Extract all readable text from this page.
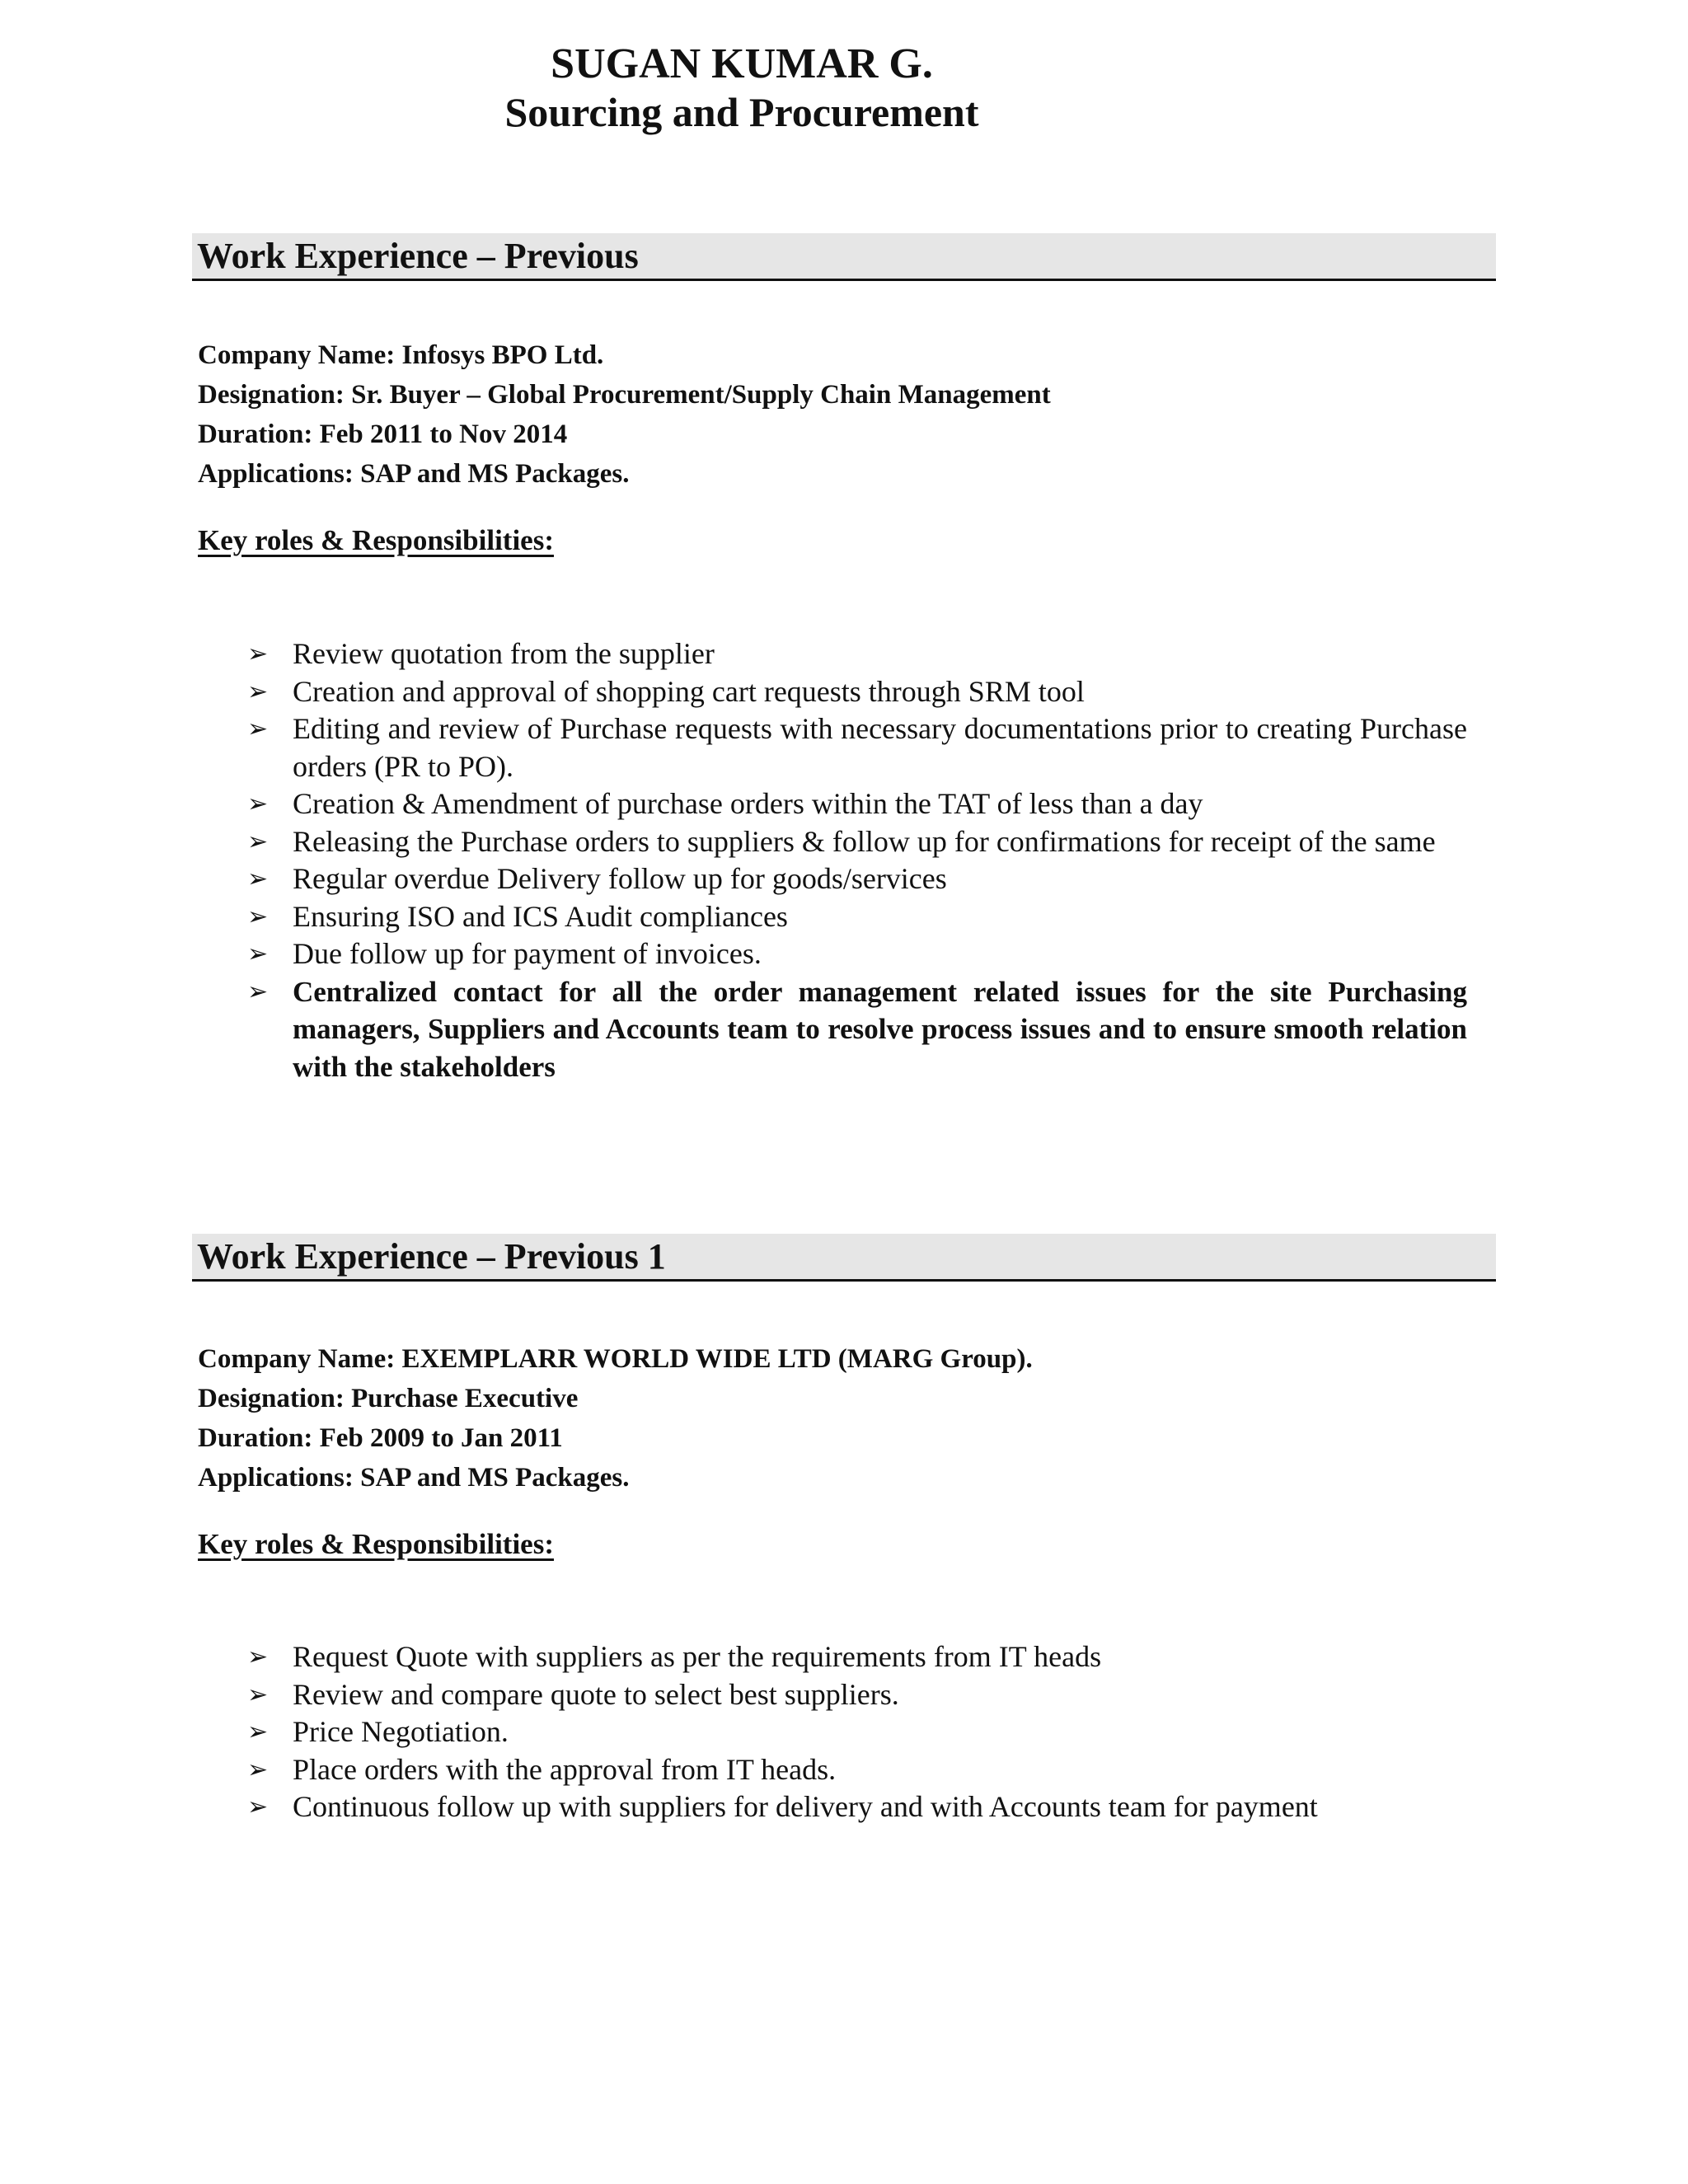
SUGAN KUMAR G.
Sourcing and Procurement
Work Experience – Previous
Company Name: Infosys BPO Ltd.
Designation: Sr. Buyer – Global Procurement/Supply Chain Management
Duration: Feb 2011 to Nov 2014
Applications: SAP and MS Packages.
Key roles & Responsibilities:
➢ Review quotation from the supplier
➢ Creation and approval of shopping cart requests through SRM tool
➢ Editing and review of Purchase requests with necessary documentations prior to creating Purchase orders (PR to PO).
➢ Creation & Amendment of purchase orders within the TAT of less than a day
➢ Releasing the Purchase orders to suppliers & follow up for confirmations for receipt of the same
➢ Regular overdue Delivery follow up for goods/services
➢ Ensuring ISO and ICS Audit compliances
➢ Due follow up for payment of invoices.
➢ Centralized contact for all the order management related issues for the site Purchasing managers, Suppliers and Accounts team to resolve process issues and to ensure smooth relation with the stakeholders
Work Experience – Previous 1
Company Name: EXEMPLARR WORLD WIDE LTD (MARG Group).
Designation: Purchase Executive
Duration: Feb 2009 to Jan 2011
Applications: SAP and MS Packages.
Key roles & Responsibilities:
➢ Request Quote with suppliers as per the requirements from IT heads
➢ Review and compare quote to select best suppliers.
➢ Price Negotiation.
➢ Place orders with the approval from IT heads.
➢ Continuous follow up with suppliers for delivery and with Accounts team for payment
